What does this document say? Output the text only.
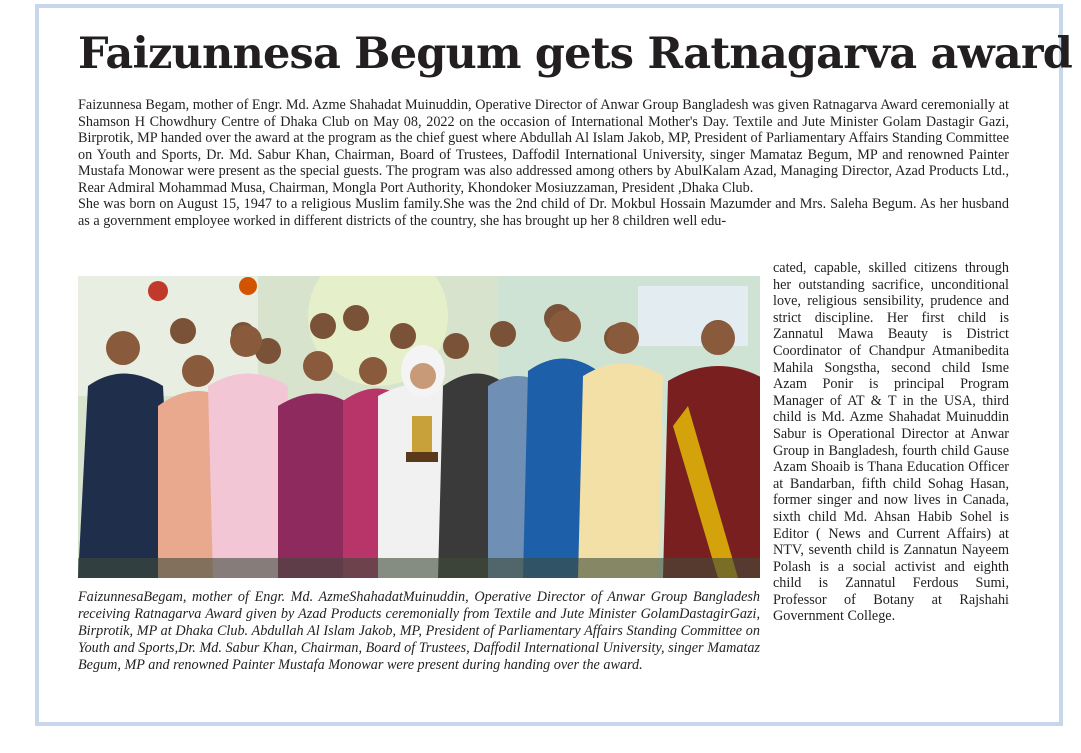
Faizunnesa Begum gets Ratnagarva award

Faizunnesa Begam, mother of Engr. Md. Azme Shahadat Muinuddin, Operative Director of Anwar Group Bangladesh was given Ratnagarva Award ceremonially at Shamson H Chowdhury Centre of Dhaka Club on May 08, 2022 on the occasion of International Mother's Day. Textile and Jute Minister Golam Dastagir Gazi, Birprotik, MP handed over the award at the program as the chief guest where Abdullah Al Islam Jakob, MP, President of Parliamentary Affairs Standing Committee on Youth and Sports, Dr. Md. Sabur Khan, Chairman, Board of Trustees, Daffodil International University, singer Mamataz Begum, MP and renowned Painter Mustafa Monowar were present as the special guests. The program was also addressed among others by AbulKalam Azad, Managing Director, Azad Products Ltd., Rear Admiral Mohammad Musa, Chairman, Mongla Port Authority, Khondoker Mosiuzzaman, President ,Dhaka Club.

She was born on August 15, 1947 to a religious Muslim family.She was the 2nd child of Dr. Mokbul Hossain Mazumder and Mrs. Saleha Begum. As her husband as a government employee worked in different districts of the country, she has brought up her 8 children well edu-

cated, capable, skilled citizens through her outstanding sacrifice, unconditional love, religious sensibility, prudence and strict discipline. Her first child is Zannatul Mawa Beauty is District Coordinator of Chandpur Atmanibedita Mahila Songstha, second child Isme Azam Ponir is principal Program Manager of AT & T in the USA, third child is Md. Azme Shahadat Muinuddin Sabur is Operational Director at Anwar Group in Bangladesh, fourth child Gause Azam Shoaib is Thana Education Officer at Bandarban, fifth child Sohag Hasan, former singer and now lives in Canada, sixth child Md. Ahsan Habib Sohel is Editor ( News and Current Affairs) at NTV, seventh child is Zannatun Nayeem Polash is a social activist and eighth child is Zannatul Ferdous Sumi, Professor of Botany at Rajshahi Government College.

FaizunnesaBegam, mother of Engr. Md. AzmeShahadatMuinuddin, Operative Director of Anwar Group Bangladesh receiving Ratnagarva Award given by Azad Products ceremonially from Textile and Jute Minister GolamDastagirGazi, Birprotik, MP at Dhaka Club. Abdullah Al Islam Jakob, MP, President of Parliamentary Affairs Standing Committee on Youth and Sports,Dr. Md. Sabur Khan, Chairman, Board of Trustees, Daffodil International University, singer Mamataz Begum, MP and renowned Painter Mustafa Monowar were present during handing over the award.
